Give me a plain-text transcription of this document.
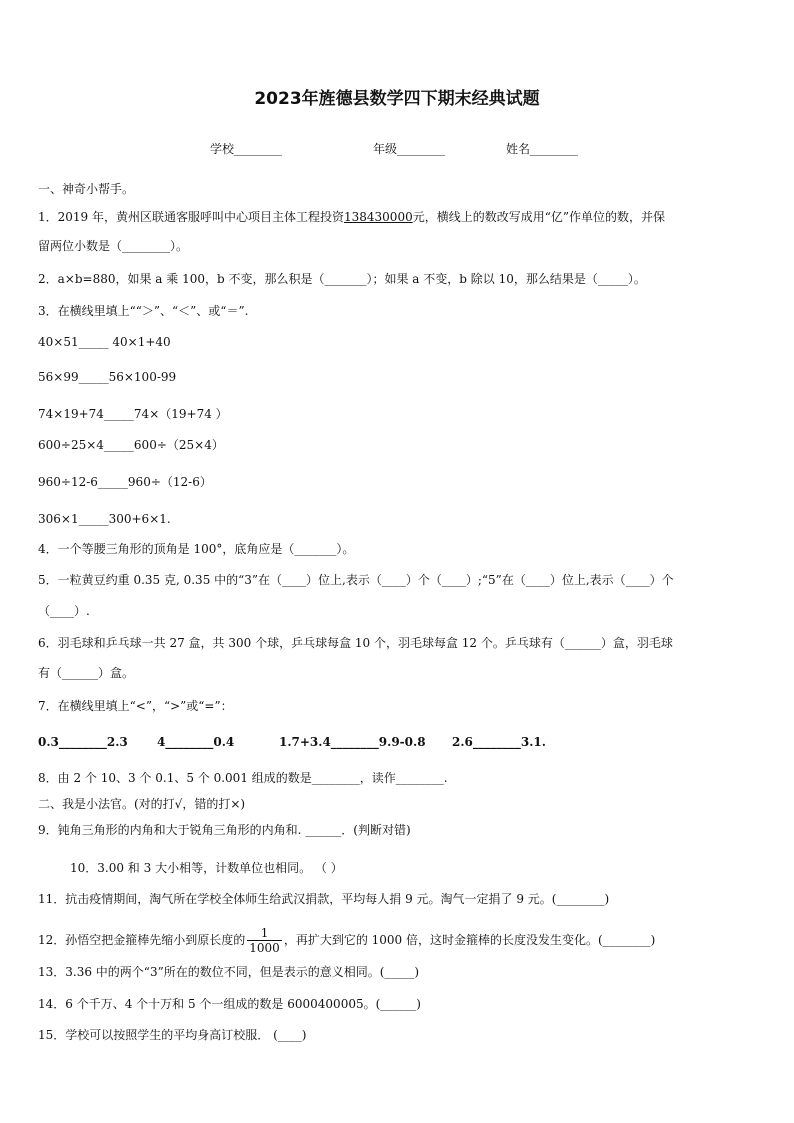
2023年旌德县数学四下期末经典试题
学校________	年级________	姓名________
一、神奇小帮手。
1．2019 年，黄州区联通客服呼叫中心项目主体工程投资138430000元，横线上的数改写成用“亿”作单位的数，并保
留两位小数是（________）。
2．a×b=880，如果 a 乘 100，b 不变，那么积是（_______）；如果 a 不变，b 除以 10，那么结果是（_____）。
3．在横线里填上““＞”、“＜”、或“＝”.
40×51_____ 40×1+40
56×99_____56×100-99
74×19+74_____74×（19+74 ）
600÷25×4_____600÷（25×4）
960÷12-6_____960÷（12-6）
306×1_____300+6×1.
4．一个等腰三角形的顶角是 100°，底角应是（_______）。
5．一粒黄豆约重 0.35 克, 0.35 中的“3”在（____）位上,表示（____）个（____）;“5”在（____）位上,表示（____）个
（____）.
6．羽毛球和乒乓球一共 27 盒，共 300 个球，乒乓球每盒 10 个，羽毛球每盒 12 个。乒乓球有（______）盒，羽毛球
有（______）盒。
7．在横线里填上“<”，“>”或“=”：
0.3________2.3 4________0.4	1.7+3.4________9.9-0.8 2.6________3.1.
8．由 2 个 10、3 个 0.1、5 个 0.001 组成的数是________，读作________.
二、我是小法官。(对的打√，错的打×)
9．钝角三角形的内角和大于锐角三角形的内角和. ______．(判断对错)
10．3.00 和 3 大小相等，计数单位也相同。 （ ）
11．抗击疫情期间，淘气所在学校全体师生给武汉捐款，平均每人捐 9 元。淘气一定捐了 9 元。(________)
12．孙悟空把金箍棒先缩小到原长度的 $\frac{1}{1000}$ ，再扩大到它的 1000 倍，这时金箍棒的长度没发生变化。(________)
13．3.36 中的两个“3”所在的数位不同，但是表示的意义相同。(_____)
14．6 个千万、4 个十万和 5 个一组成的数是 6000400005。(______)
15．学校可以按照学生的平均身高订校服． (____)
